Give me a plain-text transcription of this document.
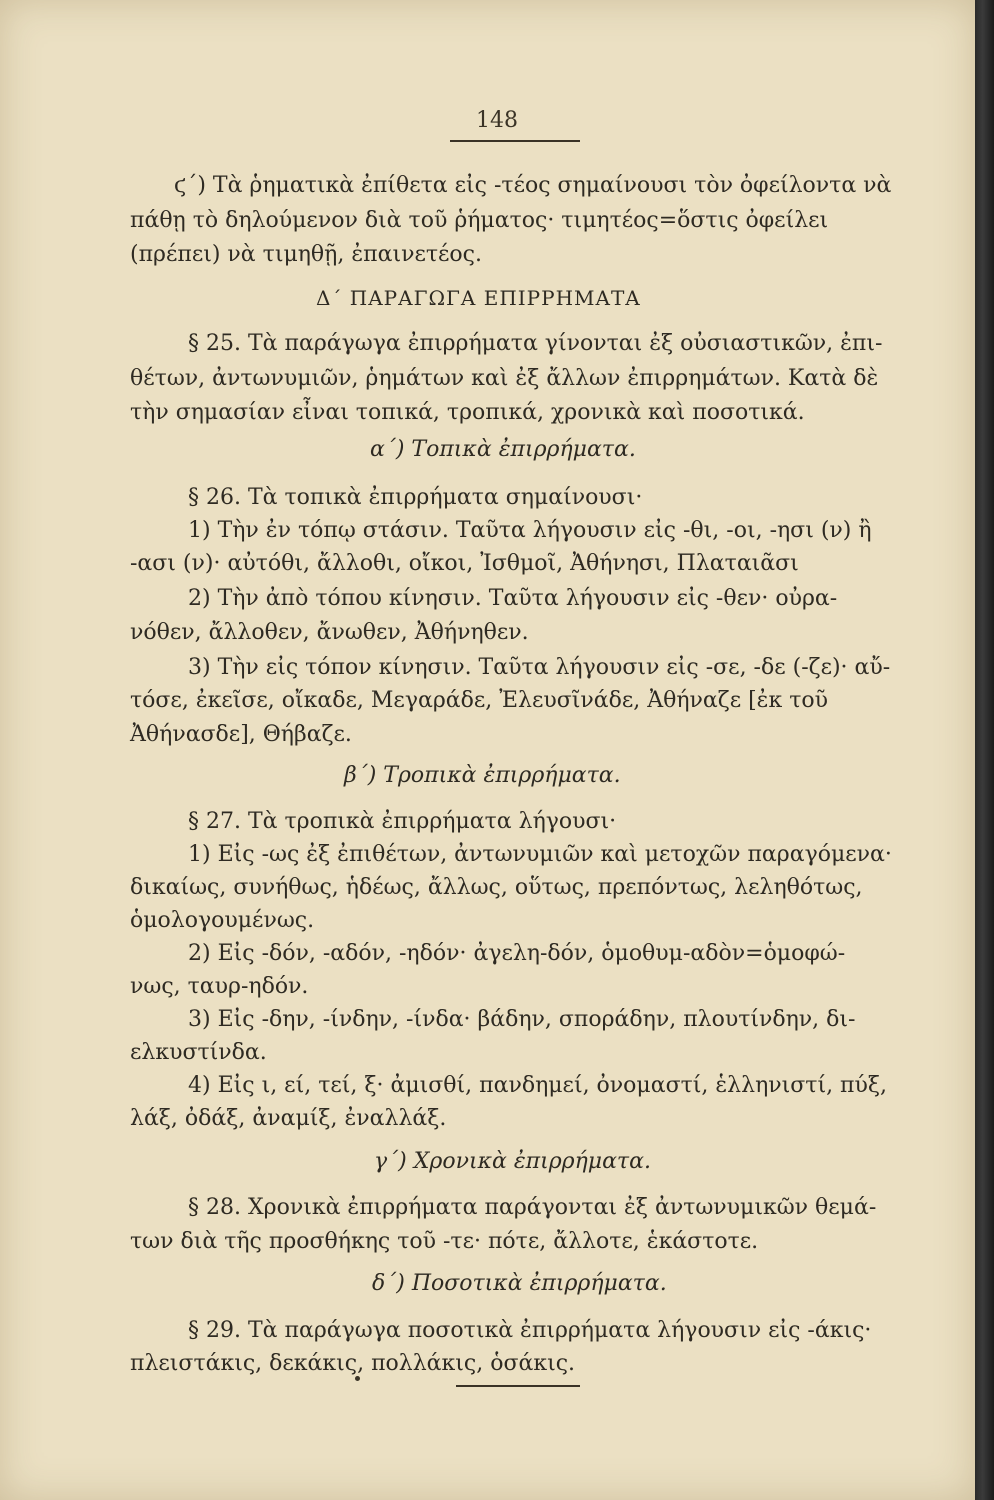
148
ϛ΄) Τὰ ῥηματικὰ ἐπίθετα εἰς -τέος σημαίνουσι τὸν ὀφείλοντα νὰ
πάθῃ τὸ δηλούμενον διὰ τοῦ ῥήματος· τιμητέος=ὅστις ὀφείλει
(πρέπει) νὰ τιμηθῇ, ἐπαινετέος.
Δ΄ ΠΑΡΑΓΩΓΑ ΕΠΙΡΡΗΜΑΤΑ
§ 25. Τὰ παράγωγα ἐπιρρήματα γίνονται ἐξ οὐσιαστικῶν, ἐπι-
θέτων, ἀντωνυμιῶν, ῥημάτων καὶ ἐξ ἄλλων ἐπιρρημάτων. Κατὰ δὲ
τὴν σημασίαν εἶναι τοπικά, τροπικά, χρονικὰ καὶ ποσοτικά.
α΄) Τοπικὰ ἐπιρρήματα.
§ 26. Τὰ τοπικὰ ἐπιρρήματα σημαίνουσι·
1) Τὴν ἐν τόπῳ στάσιν. Ταῦτα λήγουσιν εἰς -θι, -οι, -ησι (ν) ἢ
-ασι (ν)· αὐτόθι, ἄλλοθι, οἴκοι, Ἰσθμοῖ, Ἀθήνησι, Πλαταιᾶσι
2) Τὴν ἀπὸ τόπου κίνησιν. Ταῦτα λήγουσιν εἰς -θεν· οὐρα-
νόθεν, ἄλλοθεν, ἄνωθεν, Ἀθήνηθεν.
3) Τὴν εἰς τόπον κίνησιν. Ταῦτα λήγουσιν εἰς -σε, -δε (-ζε)· αὔ-
τόσε, ἐκεῖσε, οἴκαδε, Μεγαράδε, Ἐλευσῖνάδε, Ἀθήναζε [ἐκ τοῦ
Ἀθήνασδε], Θήβαζε.
β΄) Τροπικὰ ἐπιρρήματα.
§ 27. Τὰ τροπικὰ ἐπιρρήματα λήγουσι·
1) Εἰς -ως ἐξ ἐπιθέτων, ἀντωνυμιῶν καὶ μετοχῶν παραγόμενα·
δικαίως, συνήθως, ἡδέως, ἄλλως, οὕτως, πρεπόντως, λεληθότως,
ὁμολογουμένως.
2) Εἰς -δόν, -αδόν, -ηδόν· ἀγελη-δόν, ὁμοθυμ-αδὸν=ὁμοφώ-
νως, ταυρ-ηδόν.
3) Εἰς -δην, -ίνδην, -ίνδα· βάδην, σποράδην, πλουτίνδην, δι-
ελκυστίνδα.
4) Εἰς ι, εί, τεί, ξ· ἀμισθί, πανδημεί, ὀνομαστί, ἑλληνιστί, πύξ,
λάξ, ὀδάξ, ἀναμίξ, ἐναλλάξ.
γ΄) Χρονικὰ ἐπιρρήματα.
§ 28. Χρονικὰ ἐπιρρήματα παράγονται ἐξ ἀντωνυμικῶν θεμά-
των διὰ τῆς προσθήκης τοῦ -τε· πότε, ἄλλοτε, ἑκάστοτε.
δ΄) Ποσοτικὰ ἐπιρρήματα.
§ 29. Τὰ παράγωγα ποσοτικὰ ἐπιρρήματα λήγουσιν εἰς -άκις·
πλειστάκις, δεκάκις, πολλάκις, ὁσάκις.
